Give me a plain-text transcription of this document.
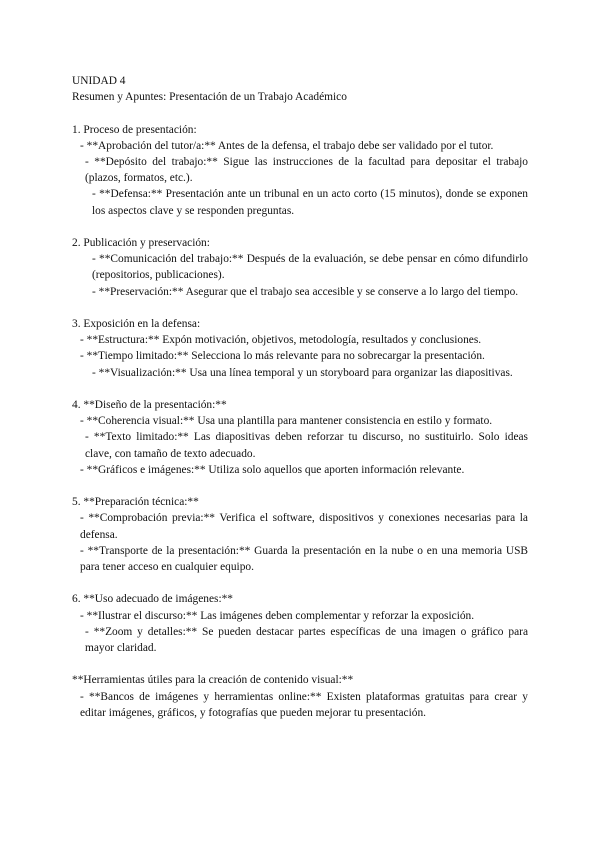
UNIDAD 4
Resumen y Apuntes: Presentación de un Trabajo Académico
1. Proceso de presentación:
- **Aprobación del tutor/a:** Antes de la defensa, el trabajo debe ser validado por el tutor.
- **Depósito del trabajo:** Sigue las instrucciones de la facultad para depositar el trabajo (plazos, formatos, etc.).
- **Defensa:** Presentación ante un tribunal en un acto corto (15 minutos), donde se exponen los aspectos clave y se responden preguntas.
2. Publicación y preservación:
- **Comunicación del trabajo:** Después de la evaluación, se debe pensar en cómo difundirlo (repositorios, publicaciones).
- **Preservación:** Asegurar que el trabajo sea accesible y se conserve a lo largo del tiempo.
3. Exposición en la defensa:
- **Estructura:** Expón motivación, objetivos, metodología, resultados y conclusiones.
- **Tiempo limitado:** Selecciona lo más relevante para no sobrecargar la presentación.
- **Visualización:** Usa una línea temporal y un storyboard para organizar las diapositivas.
4. **Diseño de la presentación:**
- **Coherencia visual:** Usa una plantilla para mantener consistencia en estilo y formato.
- **Texto limitado:** Las diapositivas deben reforzar tu discurso, no sustituirlo. Solo ideas clave, con tamaño de texto adecuado.
- **Gráficos e imágenes:** Utiliza solo aquellos que aporten información relevante.
5. **Preparación técnica:**
- **Comprobación previa:** Verifica el software, dispositivos y conexiones necesarias para la defensa.
- **Transporte de la presentación:** Guarda la presentación en la nube o en una memoria USB para tener acceso en cualquier equipo.
6. **Uso adecuado de imágenes:**
- **Ilustrar el discurso:** Las imágenes deben complementar y reforzar la exposición.
- **Zoom y detalles:** Se pueden destacar partes específicas de una imagen o gráfico para mayor claridad.
**Herramientas útiles para la creación de contenido visual:**
- **Bancos de imágenes y herramientas online:** Existen plataformas gratuitas para crear y editar imágenes, gráficos, y fotografías que pueden mejorar tu presentación.
